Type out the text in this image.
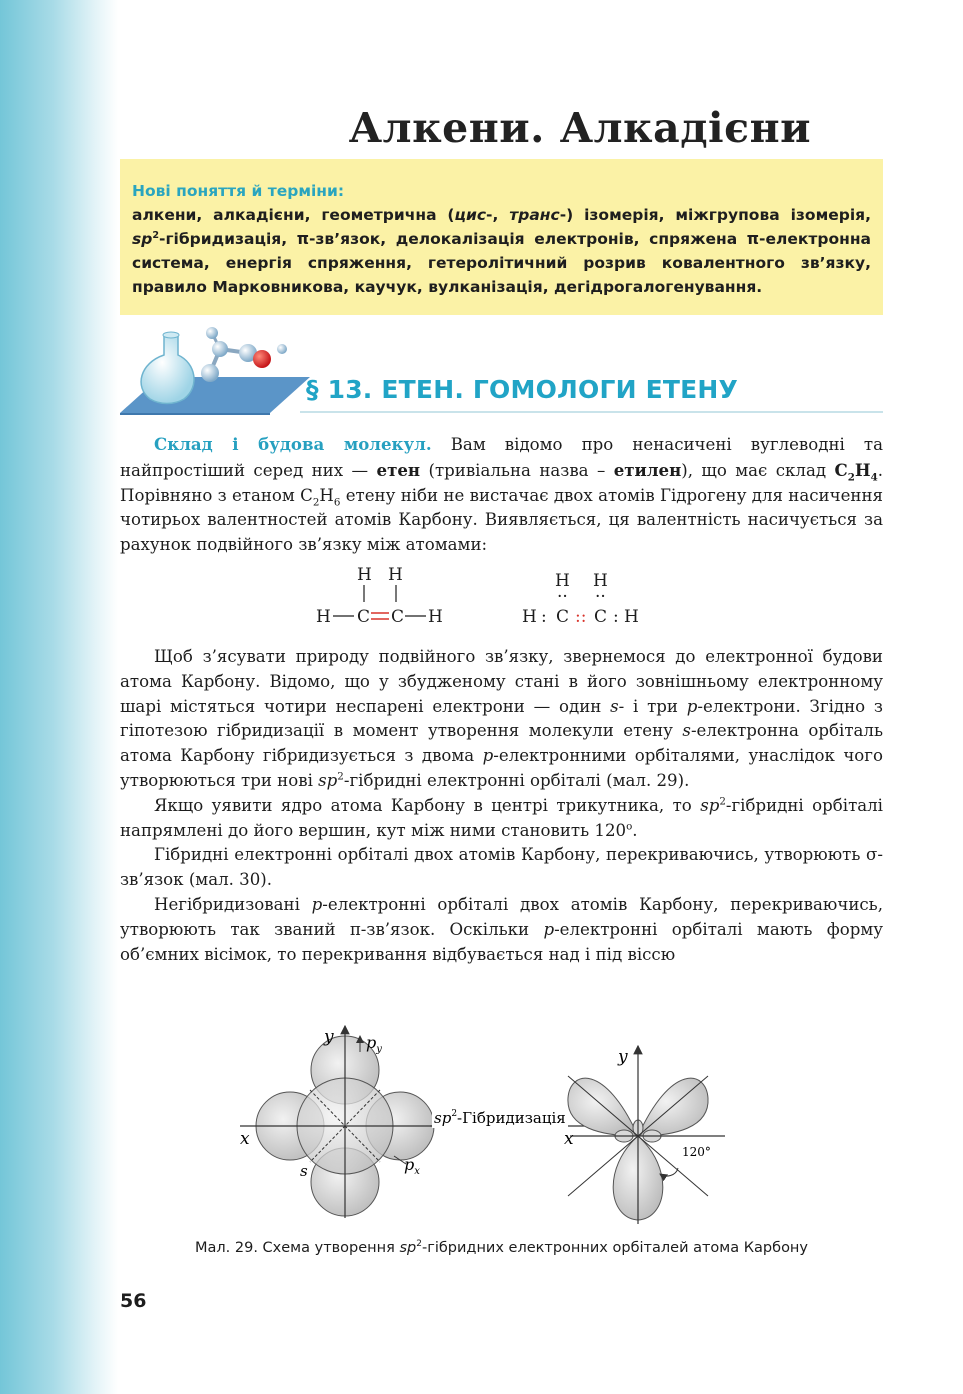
Алкени. Алкадієни
Нові поняття й терміни:
алкени, алкадієни, геометрична (цис-, транс-) ізомерія, міжгрупова ізомерія, $sp^2$-гібридизація, π-зв’язок, делокалізація електронів, спряжена π-електронна система, енергія спряження, гетеролітичний розрив ковалентного зв’язку, правило Марковникова, каучук, вулканізація, дегідрогалогенування.
§ 13. ЕТЕН. ГОМОЛОГИ ЕТЕНУ

Склад і будова молекул. Вам відомо про ненасичені вуглеводні та найпростіший серед них — етен (тривіальна назва – етилен), що має склад $C_2H_4$. Порівняно з етаном $C_2H_6$ етену ніби не вистачає двох атомів Гідрогену для насичення чотирьох валентностей атомів Карбону. Виявляється, ця валентність насичується за рахунок подвійного зв’язку між атомами:

H H
H C C H
H H
·· ··
H : C :: C : H

Щоб з’ясувати природу подвійного зв’язку, звернемося до електронної будови атома Карбону. Відомо, що у збудженому стані в його зовнішньому електронному шарі містяться чотири неспарені електрони — один s- і три p-електрони. Згідно з гіпотезою гібридизації в момент утворення молекули етену s-електронна орбіталь атома Карбону гібридизується з двома p-електронними орбіталями, унаслідок чого утворюються три нові $sp^2$-гібридні електронні орбіталі (мал. 29).

Якщо уявити ядро атома Карбону в центрі трикутника, то $sp^2$-гібридні орбіталі напрямлені до його вершин, кут між ними становить 120$^o$.

Гібридні електронні орбіталі двох атомів Карбону, перекриваючись, утворюють σ-зв’язок (мал. 30).

Негібридизовані p-електронні орбіталі двох атомів Карбону, перекриваючись, утворюють так званий π-зв’язок. Оскільки p-електронні орбіталі мають форму об’ємних вісімок, то перекривання відбувається над і під віссю

y $p_y$
x
s	$p_x$
$sp^2$-Гібридизація
y
x
120°
Мал. 29. Схема утворення $sp^2$-гібридних електронних орбіталей атома Карбону
56
